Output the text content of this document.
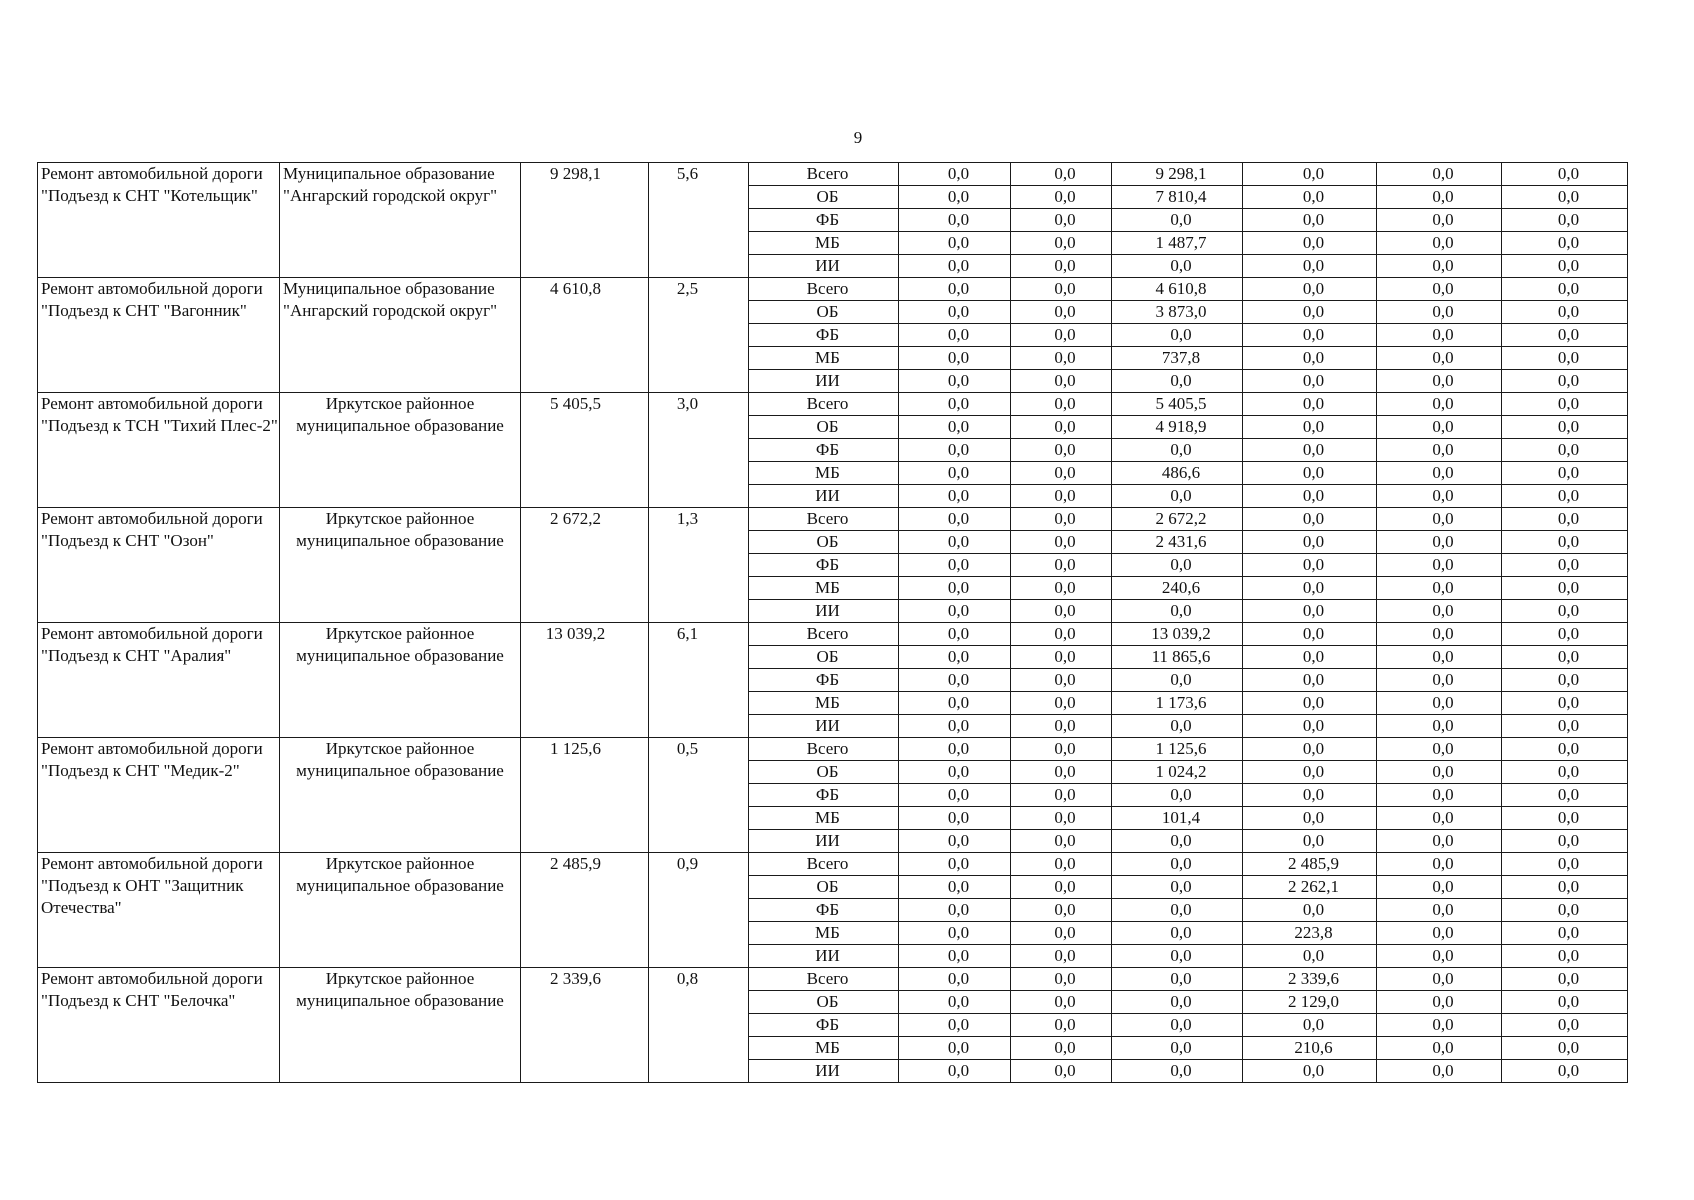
9
Ремонт автомобильной дороги "Подъезд к СНТ "Котельщик"	Муниципальное образование "Ангарский городской округ"	9 298,1	5,6	Всего	0,0	0,0	9 298,1	0,0	0,0	0,0
				ОБ	0,0	0,0	7 810,4	0,0	0,0	0,0
				ФБ	0,0	0,0	0,0	0,0	0,0	0,0
				МБ	0,0	0,0	1 487,7	0,0	0,0	0,0
				ИИ	0,0	0,0	0,0	0,0	0,0	0,0
Ремонт автомобильной дороги "Подъезд к СНТ "Вагонник"	Муниципальное образование "Ангарский городской округ"	4 610,8	2,5	Всего	0,0	0,0	4 610,8	0,0	0,0	0,0
				ОБ	0,0	0,0	3 873,0	0,0	0,0	0,0
				ФБ	0,0	0,0	0,0	0,0	0,0	0,0
				МБ	0,0	0,0	737,8	0,0	0,0	0,0
				ИИ	0,0	0,0	0,0	0,0	0,0	0,0
Ремонт автомобильной дороги "Подъезд к ТСН "Тихий Плес-2"	Иркутское районное муниципальное образование	5 405,5	3,0	Всего	0,0	0,0	5 405,5	0,0	0,0	0,0
				ОБ	0,0	0,0	4 918,9	0,0	0,0	0,0
				ФБ	0,0	0,0	0,0	0,0	0,0	0,0
				МБ	0,0	0,0	486,6	0,0	0,0	0,0
				ИИ	0,0	0,0	0,0	0,0	0,0	0,0
Ремонт автомобильной дороги "Подъезд к СНТ "Озон"	Иркутское районное муниципальное образование	2 672,2	1,3	Всего	0,0	0,0	2 672,2	0,0	0,0	0,0
				ОБ	0,0	0,0	2 431,6	0,0	0,0	0,0
				ФБ	0,0	0,0	0,0	0,0	0,0	0,0
				МБ	0,0	0,0	240,6	0,0	0,0	0,0
				ИИ	0,0	0,0	0,0	0,0	0,0	0,0
Ремонт автомобильной дороги "Подъезд к СНТ "Аралия"	Иркутское районное муниципальное образование	13 039,2	6,1	Всего	0,0	0,0	13 039,2	0,0	0,0	0,0
				ОБ	0,0	0,0	11 865,6	0,0	0,0	0,0
				ФБ	0,0	0,0	0,0	0,0	0,0	0,0
				МБ	0,0	0,0	1 173,6	0,0	0,0	0,0
				ИИ	0,0	0,0	0,0	0,0	0,0	0,0
Ремонт автомобильной дороги "Подъезд к СНТ "Медик-2"	Иркутское районное муниципальное образование	1 125,6	0,5	Всего	0,0	0,0	1 125,6	0,0	0,0	0,0
				ОБ	0,0	0,0	1 024,2	0,0	0,0	0,0
				ФБ	0,0	0,0	0,0	0,0	0,0	0,0
				МБ	0,0	0,0	101,4	0,0	0,0	0,0
				ИИ	0,0	0,0	0,0	0,0	0,0	0,0
Ремонт автомобильной дороги "Подъезд к ОНТ "Защитник Отечества"	Иркутское районное муниципальное образование	2 485,9	0,9	Всего	0,0	0,0	0,0	2 485,9	0,0	0,0
				ОБ	0,0	0,0	0,0	2 262,1	0,0	0,0
				ФБ	0,0	0,0	0,0	0,0	0,0	0,0
				МБ	0,0	0,0	0,0	223,8	0,0	0,0
				ИИ	0,0	0,0	0,0	0,0	0,0	0,0
Ремонт автомобильной дороги "Подъезд к СНТ "Белочка"	Иркутское районное муниципальное образование	2 339,6	0,8	Всего	0,0	0,0	0,0	2 339,6	0,0	0,0
				ОБ	0,0	0,0	0,0	2 129,0	0,0	0,0
				ФБ	0,0	0,0	0,0	0,0	0,0	0,0
				МБ	0,0	0,0	0,0	210,6	0,0	0,0
				ИИ	0,0	0,0	0,0	0,0	0,0	0,0
